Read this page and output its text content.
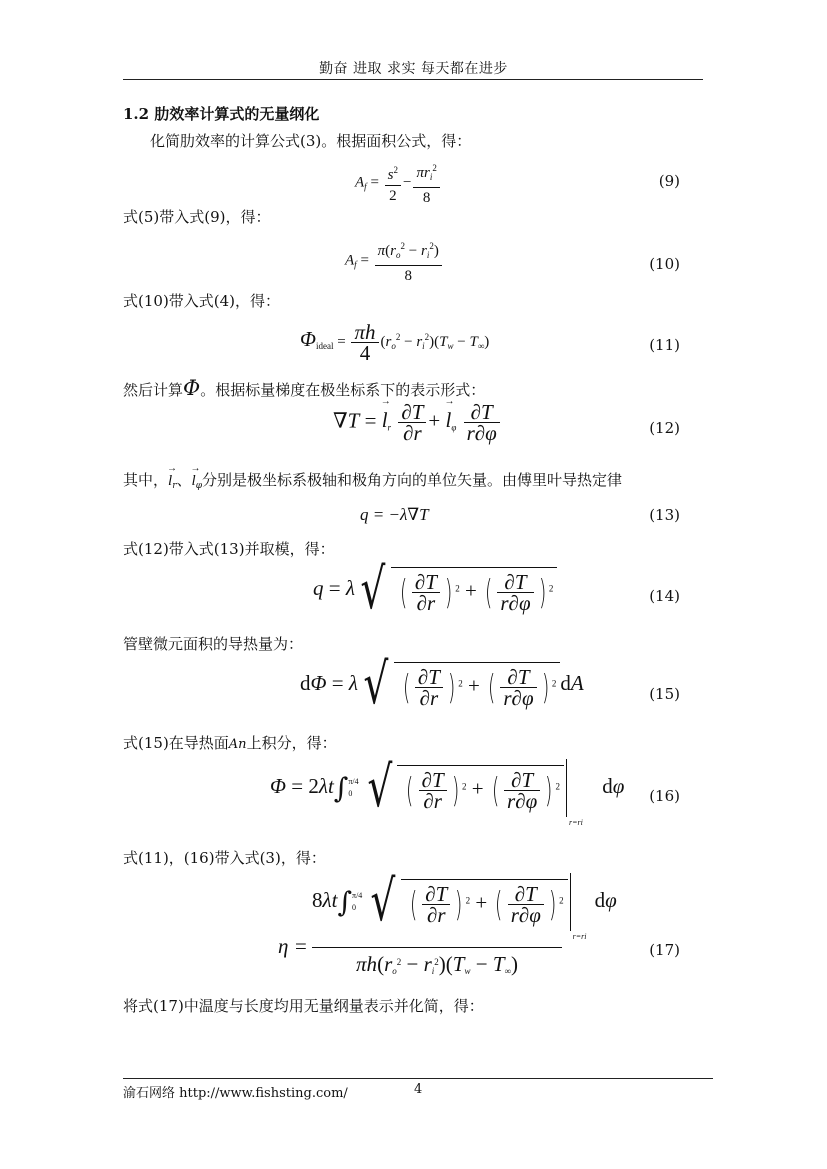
勤奋 进取 求实 每天都在进步
1.2 肋效率计算式的无量纲化
化简肋效率的计算公式(3)。根据面积公式，得：
$A_f = \frac{s^2}{2} - \frac{\pi r_i^2}{8}$	(9)
式(5)带入式(9)，得：
$A_f = \frac{\pi(r_o^2 - r_i^2)}{8}$	(10)
式(10)带入式(4)，得：
$\Phi_{ideal} = \frac{\pi h}{4} (r_o^2 - r_i^2)(T_w - T_\infty)$	(11)
然后计算Φ。根据标量梯度在极坐标系下的表示形式：
∇T = → $l_r \frac{\partial T}{\partial r}$ + → $l_\varphi \frac{\partial T}{r\partial\varphi}$	(12)
其中，→ $l_r$、→ $l_\varphi$分别是极坐标系极轴和极角方向的单位矢量。由傅里叶导热定律
q = −λ∇T	(13)
式(12)带入式(13)并取模，得：
q = λ√ ( $\frac{\partial T}{\partial r}$ ) $^2$ + ( $\frac{\partial T}{r\partial\varphi}$ ) $^2$	(14)
管壁微元面积的导热量为：
dΦ = λ√ ( $\frac{\partial T}{\partial r}$ ) $^2$ + ( $\frac{\partial T}{r\partial\varphi}$ ) $^2$ dA	(15)
式(15)在导热面An上积分，得：
Φ = 2λt∫ π/4
0 √ ( $\frac{\partial T}{\partial r}$ ) $^2$ + ( $\frac{\partial T}{r\partial\varphi}$ ) $^2$
r=ri
dφ	(16)
式(11)，(16)带入式(3)，得：
η =
8λt∫ π/4
0 √ ( $\frac{\partial T}{\partial r}$ ) $^2$ + ( $\frac{\partial T}{r\partial\varphi}$ ) $^2$
r=ri
dφ
$\pi h(r_o^2 - r_i^2)(T_w - T_\infty)$
(17)
将式(17)中温度与长度均用无量纲量表示并化简，得：
渝石网络 http://www.fishsting.com/	4
